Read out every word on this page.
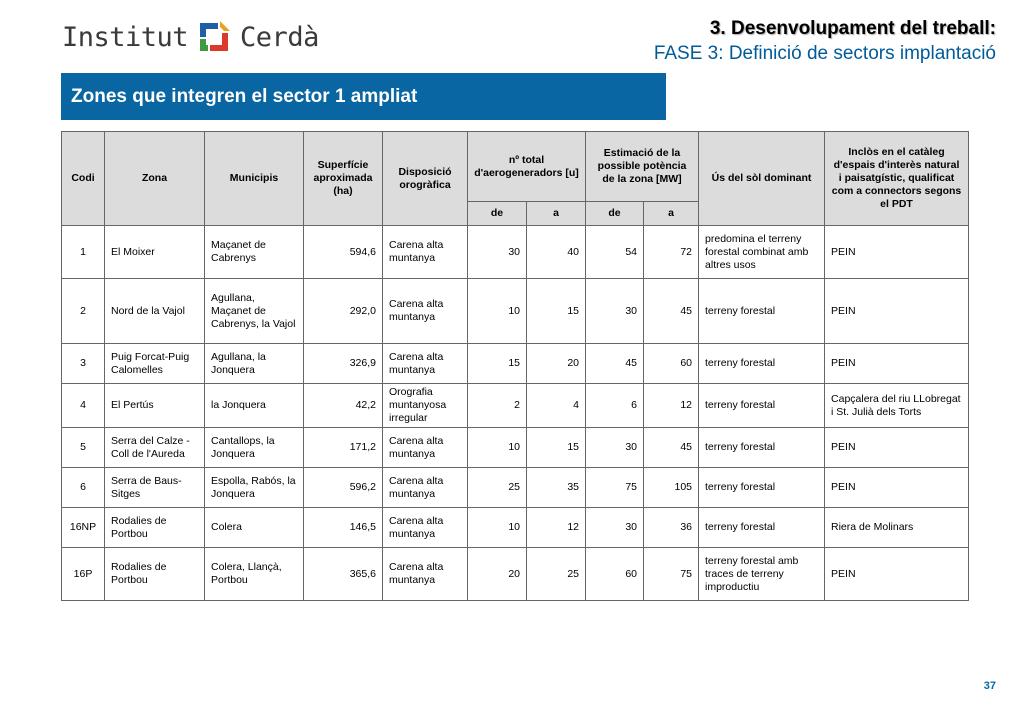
Institut Cerdà	3. Desenvolupament del treball:
FASE 3: Definició de sectors implantació
Zones que integren el sector 1 ampliat
Codi	Zona	Municipis	Superfície aproximada (ha)	Disposició orogràfica	nº total d'aerogeneradors [u]		Estimació de la possible potència de la zona [MW]		Ús del sòl dominant	Inclòs en el catàleg d'espais d'interès natural i paisatgístic, qualificat com a connectors segons el PDT
					de	a	de	a		
1	El Moixer	Maçanet de Cabrenys	594,6	Carena alta muntanya	30	40	54	72	predomina el terreny forestal combinat amb altres usos	PEIN
2	Nord de la Vajol	Agullana, Maçanet de Cabrenys, la Vajol	292,0	Carena alta muntanya	10	15	30	45	terreny forestal	PEIN
3	Puig Forcat-Puig Calomelles	Agullana, la Jonquera	326,9	Carena alta muntanya	15	20	45	60	terreny forestal	PEIN
4	El Pertús	la Jonquera	42,2	Orografia muntanyosa irregular	2	4	6	12	terreny forestal	Capçalera del riu LLobregat i St. Julià dels Torts
5	Serra del Calze - Coll de l'Aureda	Cantallops, la Jonquera	171,2	Carena alta muntanya	10	15	30	45	terreny forestal	PEIN
6	Serra de Baus-Sitges	Espolla, Rabós, la Jonquera	596,2	Carena alta muntanya	25	35	75	105	terreny forestal	PEIN
16NP	Rodalies de Portbou	Colera	146,5	Carena alta muntanya	10	12	30	36	terreny forestal	Riera de Molinars
16P	Rodalies de Portbou	Colera, Llançà, Portbou	365,6	Carena alta muntanya	20	25	60	75	terreny forestal amb traces de terreny improductiu	PEIN
37
